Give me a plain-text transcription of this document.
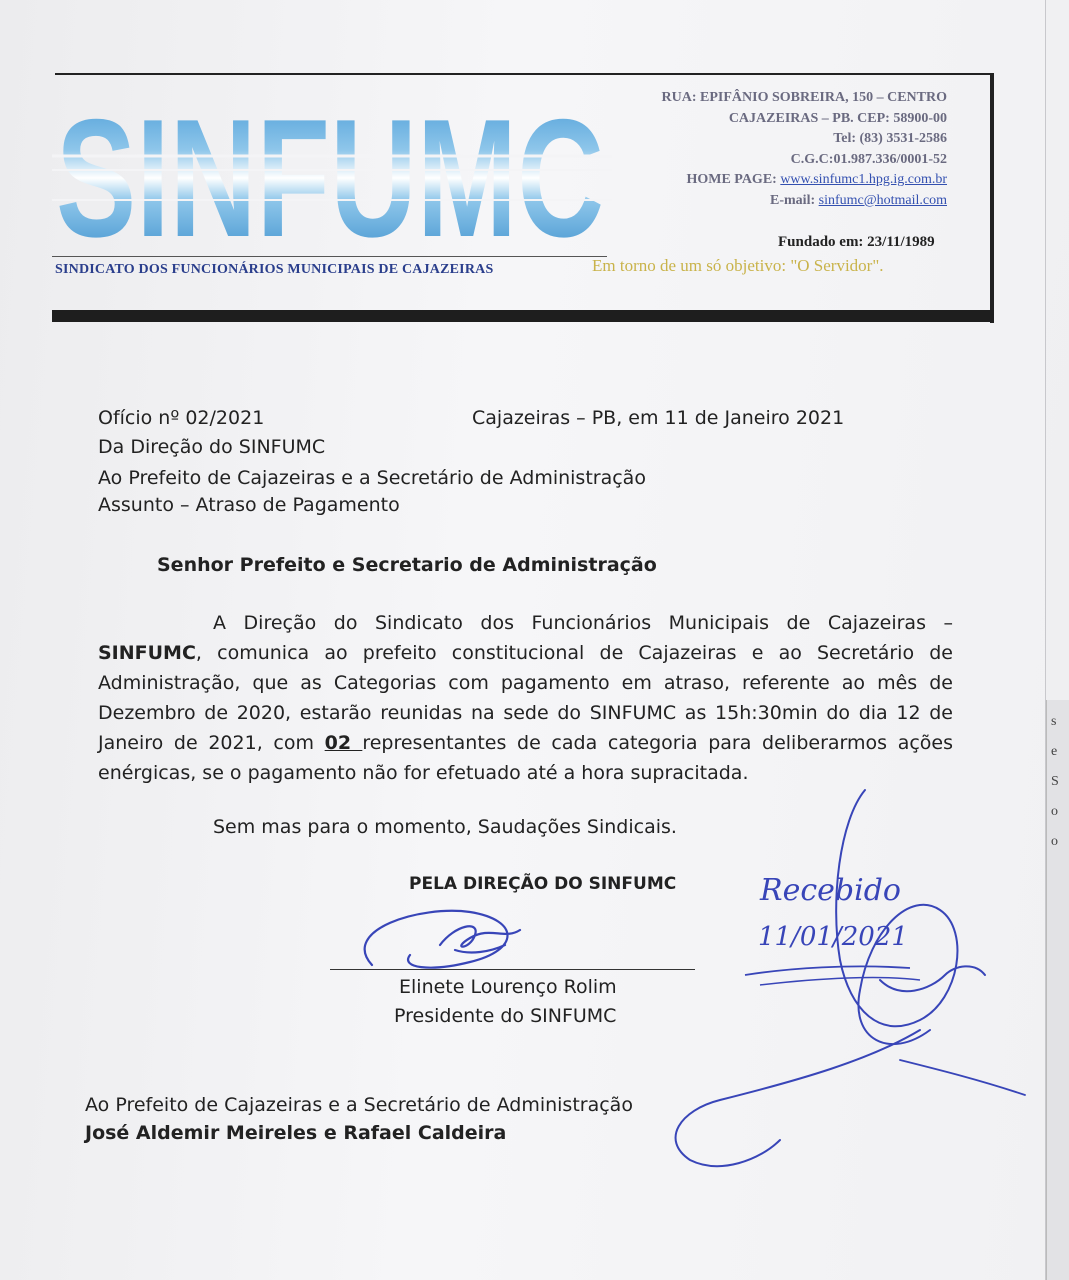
SINFUMC
SINDICATO DOS FUNCIONÁRIOS MUNICIPAIS DE CAJAZEIRAS	Em torno de um só objetivo: "O Servidor".
RUA: EPIFÂNIO SOBREIRA, 150 – CENTRO
CAJAZEIRAS – PB. CEP: 58900-00
Tel: (83) 3531-2586
C.G.C:01.987.336/0001-52
HOME PAGE: www.sinfumc1.hpg.ig.com.br
E-mail: sinfumc@hotmail.com
Fundado em: 23/11/1989
Ofício nº 02/2021	Cajazeiras – PB, em 11 de Janeiro 2021
Da Direção do SINFUMC
Ao Prefeito de Cajazeiras e a Secretário de Administração
Assunto – Atraso de Pagamento
Senhor Prefeito e Secretario de Administração
A Direção do Sindicato dos Funcionários Municipais de Cajazeiras –
SINFUMC, comunica ao prefeito constitucional de Cajazeiras e ao Secretário de
Administração, que as Categorias com pagamento em atraso, referente ao mês de
Dezembro de 2020, estarão reunidas na sede do SINFUMC as 15h:30min do dia 12 de
Janeiro de 2021, com 02 representantes de cada categoria para deliberarmos ações
enérgicas, se o pagamento não for efetuado até a hora supracitada.
Sem mas para o momento, Saudações Sindicais.
PELA DIREÇÃO DO SINFUMC
Elinete Lourenço Rolim
Presidente do SINFUMC
Ao Prefeito de Cajazeiras e a Secretário de Administração
José Aldemir Meireles e Rafael Caldeira
Recebido
11/01/2021
s
e
S
o
o
